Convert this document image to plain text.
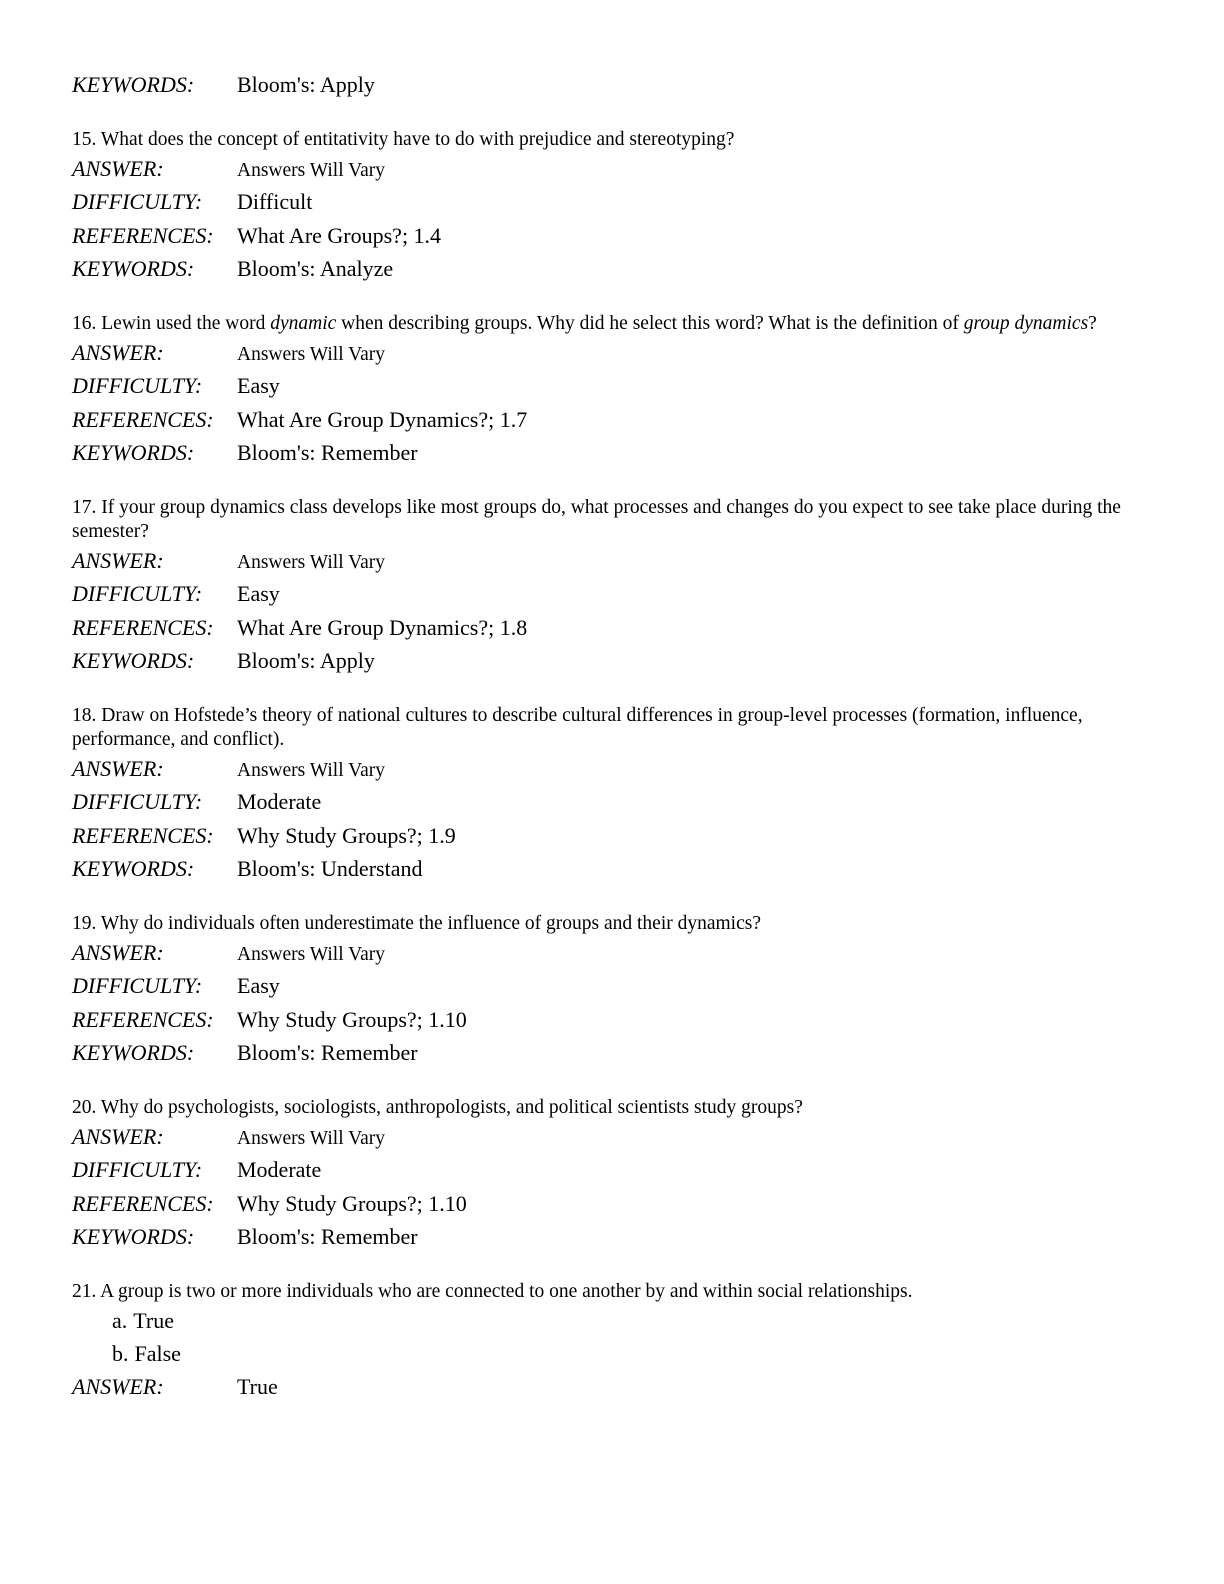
KEYWORDS:	Bloom's: Apply
15. What does the concept of entitativity have to do with prejudice and stereotyping?
ANSWER:	Answers Will Vary
DIFFICULTY:	Difficult
REFERENCES:	What Are Groups?; 1.4
KEYWORDS:	Bloom's: Analyze
16. Lewin used the word dynamic when describing groups. Why did he select this word? What is the definition of group dynamics?
ANSWER:	Answers Will Vary
DIFFICULTY:	Easy
REFERENCES:	What Are Group Dynamics?; 1.7
KEYWORDS:	Bloom's: Remember
17. If your group dynamics class develops like most groups do, what processes and changes do you expect to see take place during the semester?
ANSWER:	Answers Will Vary
DIFFICULTY:	Easy
REFERENCES:	What Are Group Dynamics?; 1.8
KEYWORDS:	Bloom's: Apply
18. Draw on Hofstede’s theory of national cultures to describe cultural differences in group-level processes (formation, influence, performance, and conflict).
ANSWER:	Answers Will Vary
DIFFICULTY:	Moderate
REFERENCES:	Why Study Groups?; 1.9
KEYWORDS:	Bloom's: Understand
19. Why do individuals often underestimate the influence of groups and their dynamics?
ANSWER:	Answers Will Vary
DIFFICULTY:	Easy
REFERENCES:	Why Study Groups?; 1.10
KEYWORDS:	Bloom's: Remember
20. Why do psychologists, sociologists, anthropologists, and political scientists study groups?
ANSWER:	Answers Will Vary
DIFFICULTY:	Moderate
REFERENCES:	Why Study Groups?; 1.10
KEYWORDS:	Bloom's: Remember
21. A group is two or more individuals who are connected to one another by and within social relationships.
a. True
b. False
ANSWER:	True
